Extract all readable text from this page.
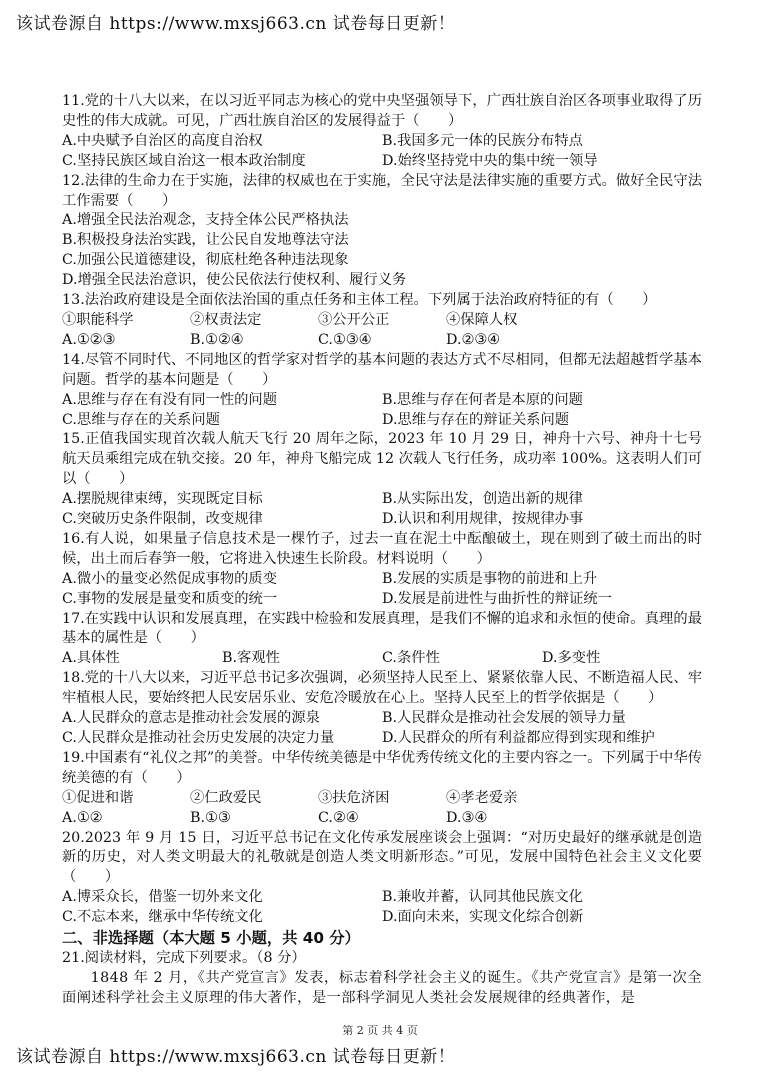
该试卷源自 https://www.mxsj663.cn 试卷每日更新！

11.党的十八大以来，在以习近平同志为核心的党中央坚强领导下，广西壮族自治区各项事业取得了历史性的伟大成就。可见，广西壮族自治区的发展得益于（　　）

A.中央赋予自治区的高度自治权	B.我国多元一体的民族分布特点
C.坚持民族区域自治这一根本政治制度	D.始终坚持党中央的集中统一领导

12.法律的生命力在于实施，法律的权威也在于实施，全民守法是法律实施的重要方式。做好全民守法工作需要（　　）

A.增强全民法治观念，支持全体公民严格执法

B.积极投身法治实践，让公民自发地尊法守法

C.加强公民道德建设，彻底杜绝各种违法现象

D.增强全民法治意识，使公民依法行使权利、履行义务

13.法治政府建设是全面依法治国的重点任务和主体工程。下列属于法治政府特征的有（　　）

①职能科学	②权责法定	③公开公正	④保障人权
A.①②③	B.①②④	C.①③④	D.②③④

14.尽管不同时代、不同地区的哲学家对哲学的基本问题的表达方式不尽相同，但都无法超越哲学基本问题。哲学的基本问题是（　　）

A.思维与存在有没有同一性的问题	B.思维与存在何者是本原的问题
C.思维与存在的关系问题	D.思维与存在的辩证关系问题

15.正值我国实现首次载人航天飞行 20 周年之际，2023 年 10 月 29 日，神舟十六号、神舟十七号航天员乘组完成在轨交接。20 年，神舟飞船完成 12 次载人飞行任务，成功率 100%。这表明人们可以（　　）

A.摆脱规律束缚，实现既定目标	B.从实际出发，创造出新的规律
C.突破历史条件限制，改变规律	D.认识和利用规律，按规律办事

16.有人说，如果量子信息技术是一棵竹子，过去一直在泥土中酝酿破土，现在则到了破土而出的时候，出土而后春笋一般，它将进入快速生长阶段。材料说明（　　）

A.微小的量变必然促成事物的质变	B.发展的实质是事物的前进和上升
C.事物的发展是量变和质变的统一	D.发展是前进性与曲折性的辩证统一

17.在实践中认识和发展真理，在实践中检验和发展真理，是我们不懈的追求和永恒的使命。真理的最基本的属性是（　　）

A.具体性	B.客观性	C.条件性	D.多变性

18.党的十八大以来，习近平总书记多次强调，必须坚持人民至上、紧紧依靠人民、不断造福人民、牢牢植根人民，要始终把人民安居乐业、安危冷暖放在心上。坚持人民至上的哲学依据是（　　）

A.人民群众的意志是推动社会发展的源泉	B.人民群众是推动社会发展的领导力量
C.人民群众是推动社会历史发展的决定力量	D.人民群众的所有利益都应得到实现和维护

19.中国素有“礼仪之邦”的美誉。中华传统美德是中华优秀传统文化的主要内容之一。下列属于中华传统美德的有（　　）

①促进和谐	②仁政爱民	③扶危济困	④孝老爱亲
A.①②	B.①③	C.②④	D.③④

20.2023 年 9 月 15 日，习近平总书记在文化传承发展座谈会上强调：“对历史最好的继承就是创造新的历史，对人类文明最大的礼敬就是创造人类文明新形态。”可见，发展中国特色社会主义文化要（　　）

A.博采众长，借鉴一切外来文化	B.兼收并蓄，认同其他民族文化
C.不忘本来，继承中华传统文化	D.面向未来，实现文化综合创新

二、非选择题（本大题 5 小题，共 40 分）

21.阅读材料，完成下列要求。（8 分）

1848 年 2 月，《共产党宣言》发表，标志着科学社会主义的诞生。《共产党宣言》是第一次全面阐述科学社会主义原理的伟大著作，是一部科学洞见人类社会发展规律的经典著作，是

第 2 页 共 4 页
该试卷源自 https://www.mxsj663.cn 试卷每日更新！
